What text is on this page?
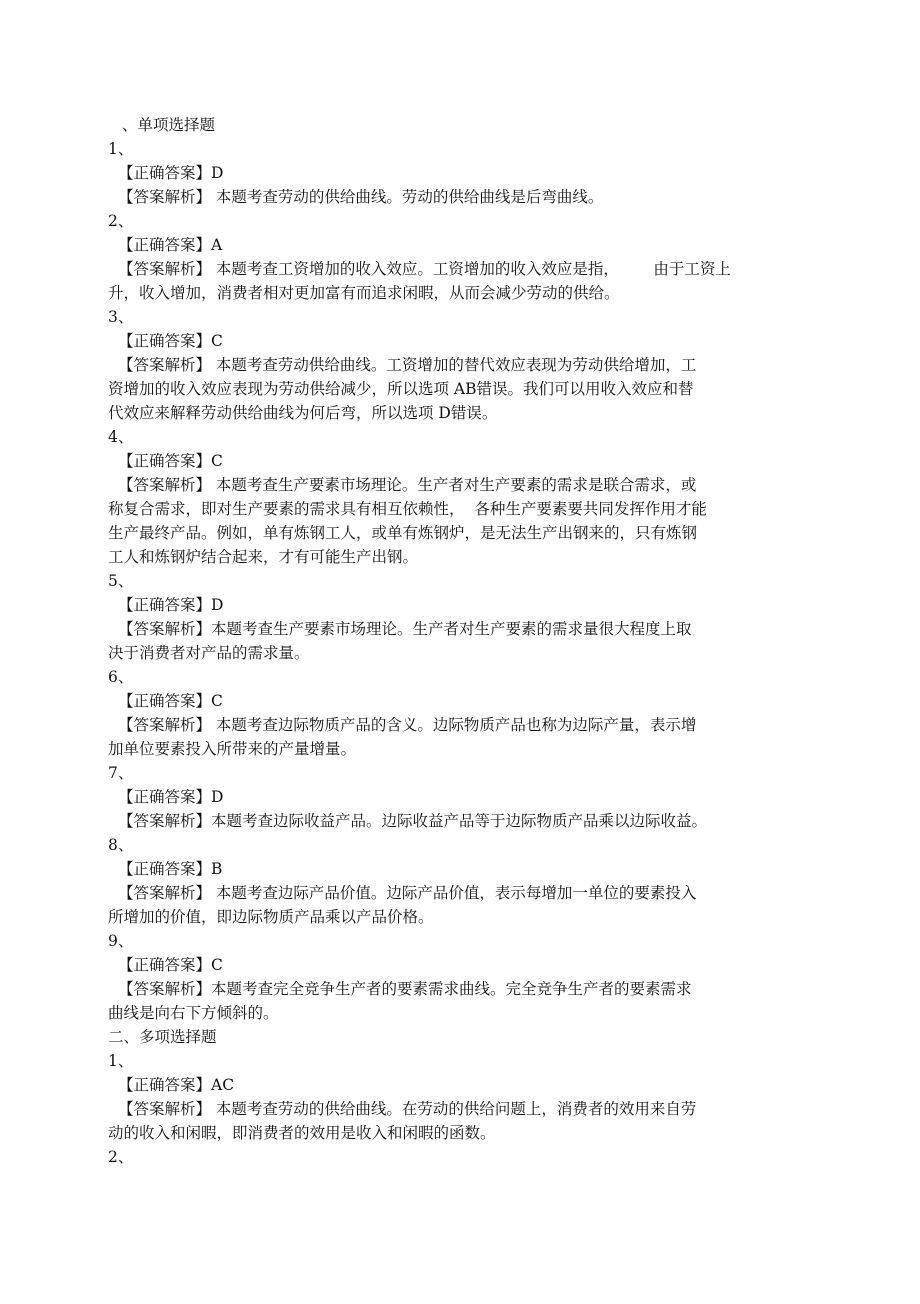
、单项选择题
1、
【正确答案】D
【答案解析】 本题考查劳动的供给曲线。劳动的供给曲线是后弯曲线。
2、
【正确答案】A
【答案解析】 本题考查工资增加的收入效应。工资增加的收入效应是指，       由于工资上
升，收入增加，消费者相对更加富有而追求闲暇，从而会减少劳动的供给。
3、
【正确答案】C
【答案解析】 本题考查劳动供给曲线。工资增加的替代效应表现为劳动供给增加，工
资增加的收入效应表现为劳动供给减少，所以选项 AB错误。我们可以用收入效应和替
代效应来解释劳动供给曲线为何后弯，所以选项 D错误。
4、
【正确答案】C
【答案解析】 本题考查生产要素市场理论。生产者对生产要素的需求是联合需求，或
称复合需求，即对生产要素的需求具有相互依赖性，  各种生产要素要共同发挥作用才能
生产最终产品。例如，单有炼钢工人，或单有炼钢炉，是无法生产出钢来的，只有炼钢
工人和炼钢炉结合起来，才有可能生产出钢。
5、
【正确答案】D
【答案解析】本题考查生产要素市场理论。生产者对生产要素的需求量很大程度上取
决于消费者对产品的需求量。
6、
【正确答案】C
【答案解析】 本题考查边际物质产品的含义。边际物质产品也称为边际产量，表示增
加单位要素投入所带来的产量增量。
7、
【正确答案】D
【答案解析】本题考查边际收益产品。边际收益产品等于边际物质产品乘以边际收益。
8、
【正确答案】B
【答案解析】 本题考查边际产品价值。边际产品价值，表示每增加一单位的要素投入
所增加的价值，即边际物质产品乘以产品价格。
9、
【正确答案】C
【答案解析】本题考查完全竞争生产者的要素需求曲线。完全竞争生产者的要素需求
曲线是向右下方倾斜的。
二、多项选择题
1、
【正确答案】AC
【答案解析】 本题考查劳动的供给曲线。在劳动的供给问题上，消费者的效用来自劳
动的收入和闲暇，即消费者的效用是收入和闲暇的函数。
2、
